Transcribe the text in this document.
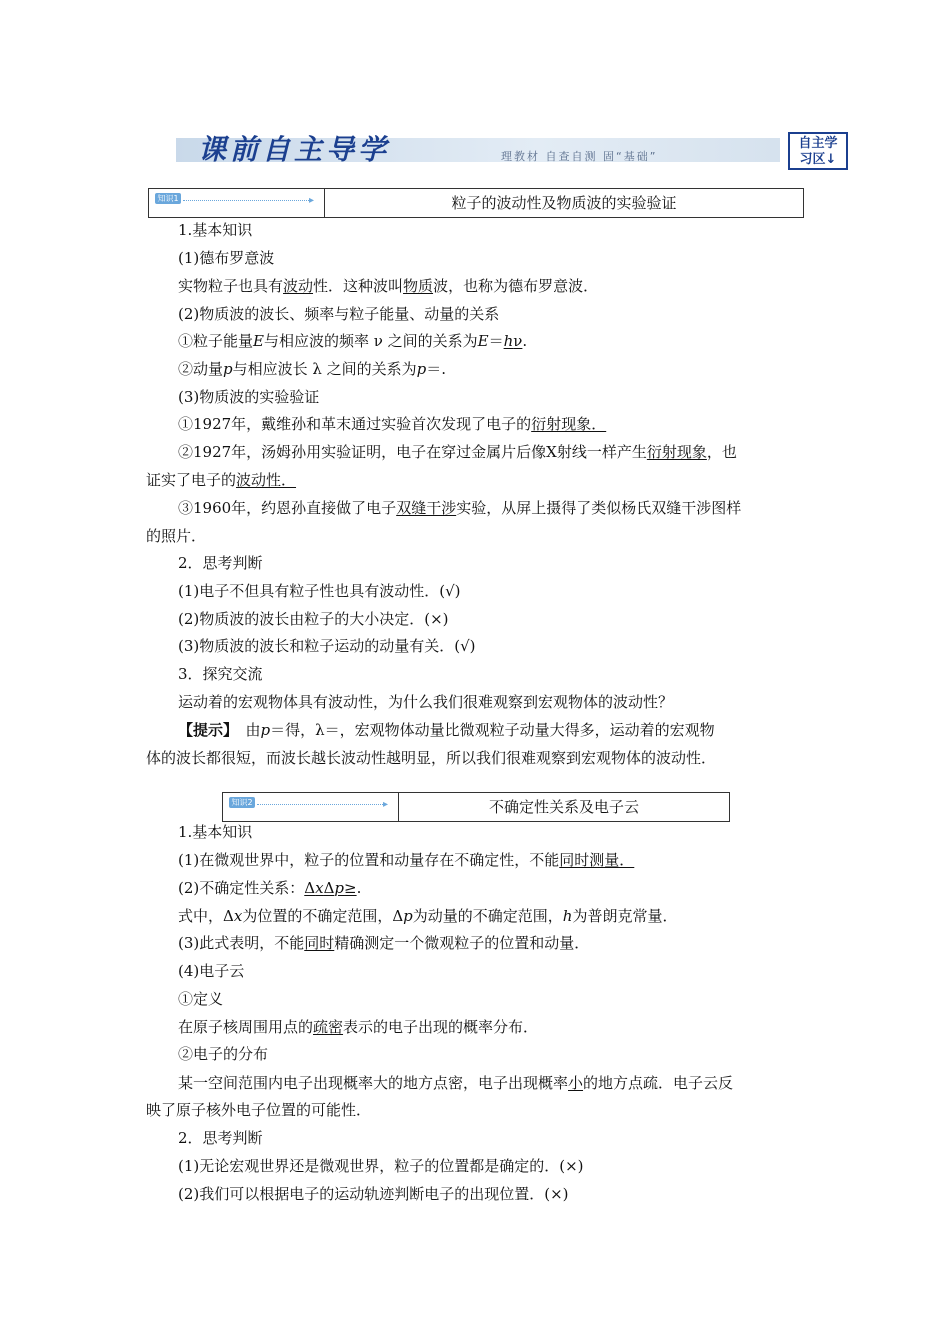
课前自主导学	理教材 自查自测 固“基础”
自主学
习区↓
知识1	▸	粒子的波动性及物质波的实验验证
1.基本知识
(1)德布罗意波
实物粒子也具有波动性．这种波叫物质波，也称为德布罗意波．
(2)物质波的波长、频率与粒子能量、动量的关系
①粒子能量E与相应波的频率 ν 之间的关系为E＝hν.
②动量p与相应波长 λ 之间的关系为p＝.
(3)物质波的实验验证
①1927年，戴维孙和革末通过实验首次发现了电子的衍射现象．
②1927年，汤姆孙用实验证明，电子在穿过金属片后像X射线一样产生衍射现象，也
证实了电子的波动性．
③1960年，约恩孙直接做了电子双缝干涉实验，从屏上摄得了类似杨氏双缝干涉图样
的照片．
2．思考判断
(1)电子不但具有粒子性也具有波动性．(√)
(2)物质波的波长由粒子的大小决定．(×)
(3)物质波的波长和粒子运动的动量有关．(√)
3．探究交流
运动着的宏观物体具有波动性，为什么我们很难观察到宏观物体的波动性？
【提示】　由p＝得，λ＝，宏观物体动量比微观粒子动量大得多，运动着的宏观物
体的波长都很短，而波长越长波动性越明显，所以我们很难观察到宏观物体的波动性．
知识2	▸	不确定性关系及电子云
1.基本知识
(1)在微观世界中，粒子的位置和动量存在不确定性，不能同时测量．
(2)不确定性关系：ΔxΔp≥.
式中，Δx为位置的不确定范围，Δp为动量的不确定范围，h为普朗克常量．
(3)此式表明，不能同时精确测定一个微观粒子的位置和动量．
(4)电子云
①定义
在原子核周围用点的疏密表示的电子出现的概率分布．
②电子的分布
某一空间范围内电子出现概率大的地方点密，电子出现概率小的地方点疏．电子云反
映了原子核外电子位置的可能性．
2．思考判断
(1)无论宏观世界还是微观世界，粒子的位置都是确定的．(×)
(2)我们可以根据电子的运动轨迹判断电子的出现位置．(×)
